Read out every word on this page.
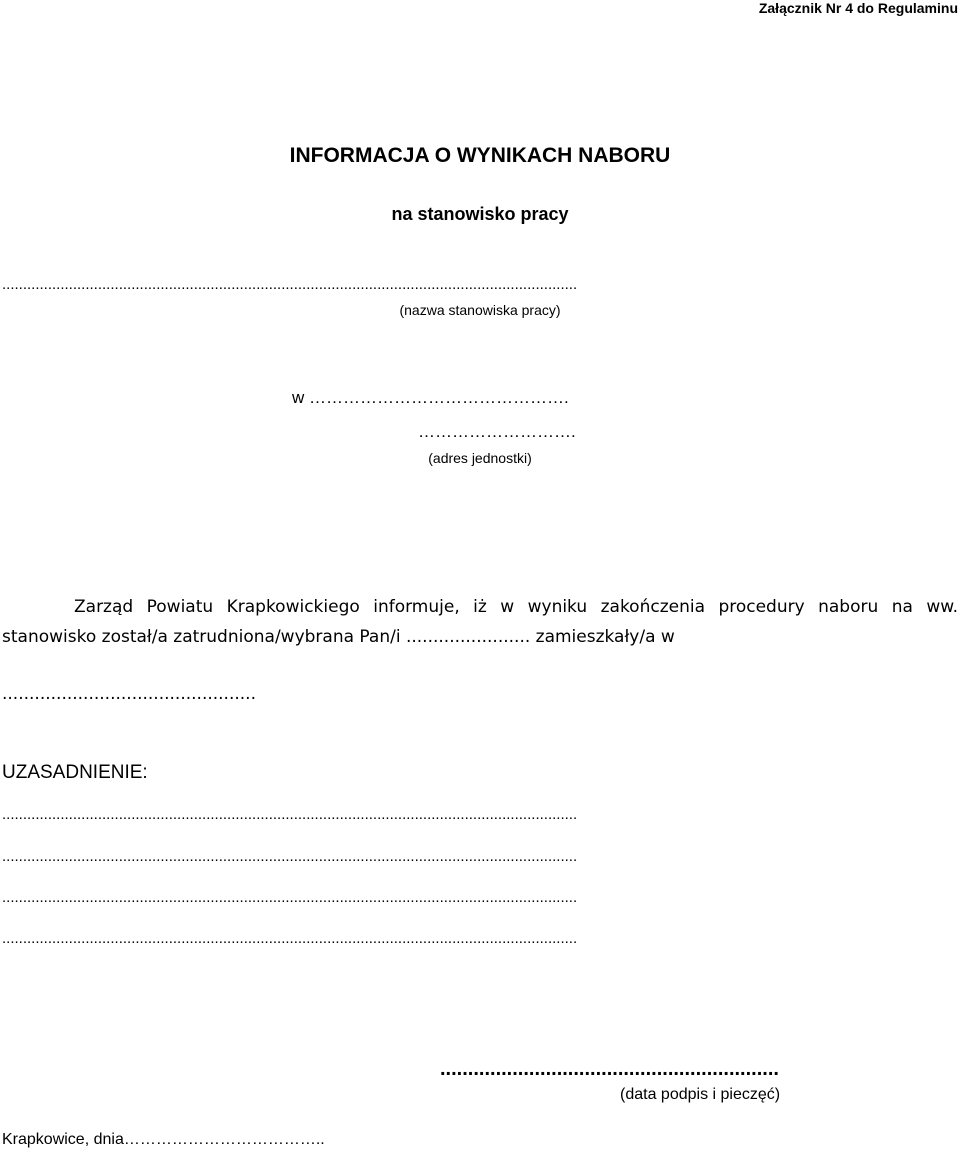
Załącznik Nr 4 do Regulaminu
INFORMACJA O WYNIKACH NABORU
na stanowisko pracy
..........................................................................................................................................
(nazwa stanowiska pracy)
w ……………………………………….
……………………….
(adres jednostki)
Zarząd Powiatu Krapkowickiego informuje, iż w wyniku zakończenia procedury naboru na ww. stanowisko został/a zatrudniona/wybrana Pan/i ....................... zamieszkały/a w
...............................................
UZASADNIENIE:
..........................................................................................................................................
..........................................................................................................................................
..........................................................................................................................................
..........................................................................................................................................
.............................................................
(data podpis i pieczęć)
Krapkowice, dnia………………………………..
